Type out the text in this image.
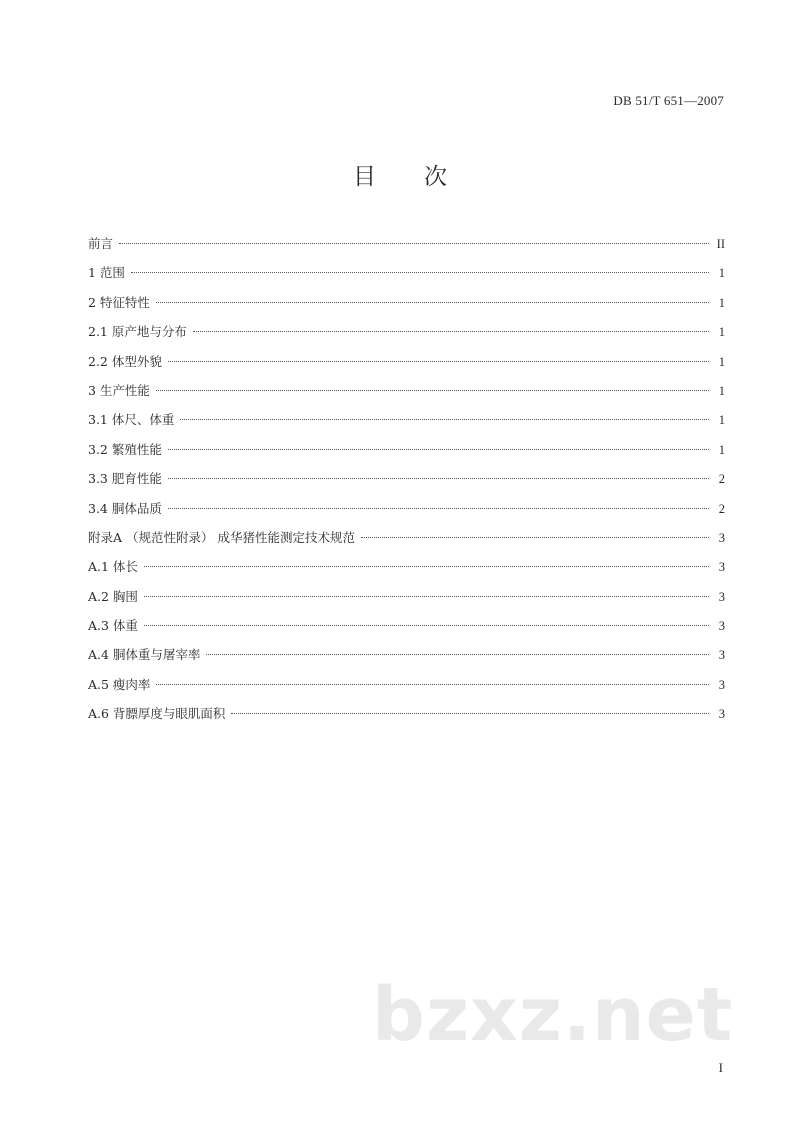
DB 51/T 651—2007
目 次
前言	II
1 范围	1
2 特征特性	1
2.1 原产地与分布	1
2.2 体型外貌	1
3 生产性能	1
3.1 体尺、体重	1
3.2 繁殖性能	1
3.3 肥育性能	2
3.4 胴体品质	2
附录A （规范性附录） 成华猪性能测定技术规范	3
A.1 体长	3
A.2 胸围	3
A.3 体重	3
A.4 胴体重与屠宰率	3
A.5 瘦肉率	3
A.6 背膘厚度与眼肌面积	3
bzxz.net
I
